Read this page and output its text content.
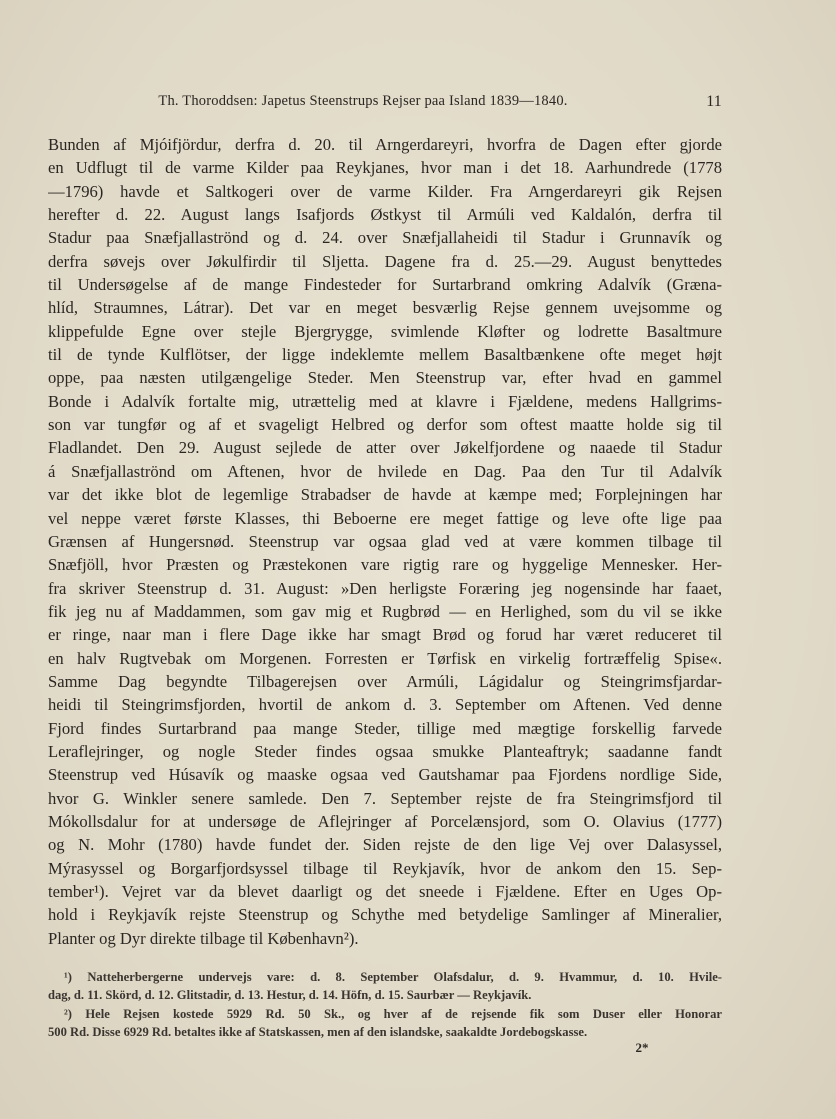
Th. Thoroddsen: Japetus Steenstrups Rejser paa Island 1839—1840.	11
Bunden af Mjóifjördur, derfra d. 20. til Arngerdareyri, hvorfra de Dagen efter gjorde
en Udflugt til de varme Kilder paa Reykjanes, hvor man i det 18. Aarhundrede (1778
—1796) havde et Saltkogeri over de varme Kilder. Fra Arngerdareyri gik Rejsen
herefter d. 22. August langs Isafjords Østkyst til Armúli ved Kaldalón, derfra til
Stadur paa Snæfjallaströnd og d. 24. over Snæfjallaheidi til Stadur i Grunnavík og
derfra søvejs over Jøkulfirdir til Sljetta. Dagene fra d. 25.—29. August benyttedes
til Undersøgelse af de mange Findesteder for Surtarbrand omkring Adalvík (Græna-
hlíd, Straumnes, Látrar). Det var en meget besværlig Rejse gennem uvejsomme og
klippefulde Egne over stejle Bjergrygge, svimlende Kløfter og lodrette Basaltmure
til de tynde Kulflötser, der ligge indeklemte mellem Basaltbænkene ofte meget højt
oppe, paa næsten utilgængelige Steder. Men Steenstrup var, efter hvad en gammel
Bonde i Adalvík fortalte mig, utrættelig med at klavre i Fjældene, medens Hallgrims-
son var tungfør og af et svageligt Helbred og derfor som oftest maatte holde sig til
Fladlandet. Den 29. August sejlede de atter over Jøkelfjordene og naaede til Stadur
á Snæfjallaströnd om Aftenen, hvor de hvilede en Dag. Paa den Tur til Adalvík
var det ikke blot de legemlige Strabadser de havde at kæmpe med; Forplejningen har
vel neppe været første Klasses, thi Beboerne ere meget fattige og leve ofte lige paa
Grænsen af Hungersnød. Steenstrup var ogsaa glad ved at være kommen tilbage til
Snæfjöll, hvor Præsten og Præstekonen vare rigtig rare og hyggelige Mennesker. Her-
fra skriver Steenstrup d. 31. August: »Den herligste Foræring jeg nogensinde har faaet,
fik jeg nu af Maddammen, som gav mig et Rugbrød — en Herlighed, som du vil se ikke
er ringe, naar man i flere Dage ikke har smagt Brød og forud har været reduceret til
en halv Rugtvebak om Morgenen. Forresten er Tørfisk en virkelig fortræffelig Spise«.
Samme Dag begyndte Tilbagerejsen over Armúli, Lágidalur og Steingrimsfjardar-
heidi til Steingrimsfjorden, hvortil de ankom d. 3. September om Aftenen. Ved denne
Fjord findes Surtarbrand paa mange Steder, tillige med mægtige forskellig farvede
Leraflejringer, og nogle Steder findes ogsaa smukke Planteaftryk; saadanne fandt
Steenstrup ved Húsavík og maaske ogsaa ved Gautshamar paa Fjordens nordlige Side,
hvor G. Winkler senere samlede. Den 7. September rejste de fra Steingrimsfjord til
Mókollsdalur for at undersøge de Aflejringer af Porcelænsjord, som O. Olavius (1777)
og N. Mohr (1780) havde fundet der. Siden rejste de den lige Vej over Dalasyssel,
Mýrasyssel og Borgarfjordsyssel tilbage til Reykjavík, hvor de ankom den 15. Sep-
tember¹). Vejret var da blevet daarligt og det sneede i Fjældene. Efter en Uges Op-
hold i Reykjavík rejste Steenstrup og Schythe med betydelige Samlinger af Mineralier,
Planter og Dyr direkte tilbage til København²).
¹) Natteherbergerne undervejs vare: d. 8. September Olafsdalur, d. 9. Hvammur, d. 10. Hvile-
dag, d. 11. Skörd, d. 12. Glitstadir, d. 13. Hestur, d. 14. Höfn, d. 15. Saurbær — Reykjavík.
²) Hele Rejsen kostede 5929 Rd. 50 Sk., og hver af de rejsende fik som Duser eller Honorar
500 Rd. Disse 6929 Rd. betaltes ikke af Statskassen, men af den islandske, saakaldte Jordebogskasse.
2*
